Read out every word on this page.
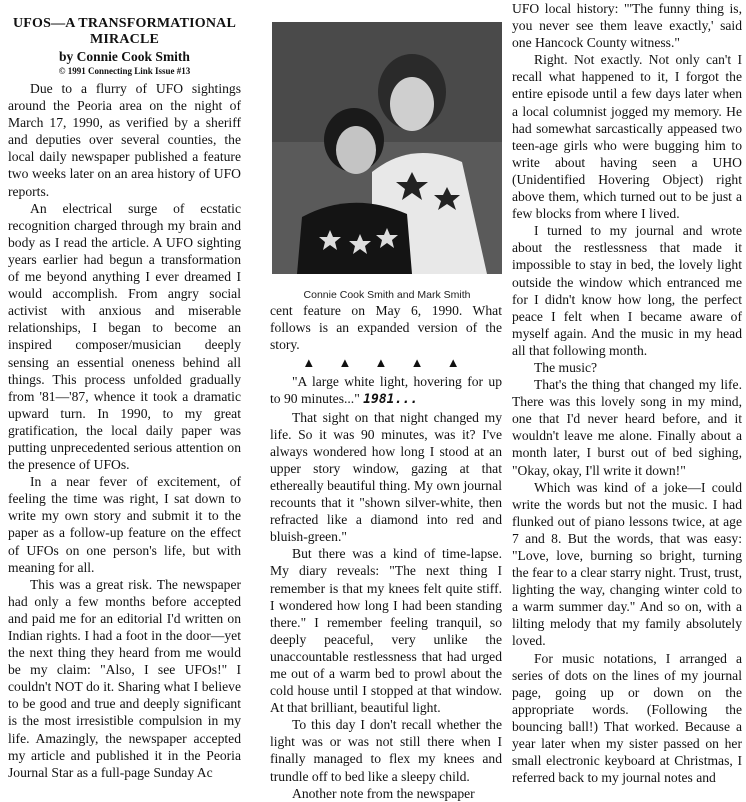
UFOS—A TRANSFORMATIONAL MIRACLE
by Connie Cook Smith
© 1991 Connecting Link Issue #13

Due to a flurry of UFO sightings around the Peoria area on the night of March 17, 1990, as verified by a sheriff and deputies over several counties, the local daily newspaper published a feature two weeks later on an area history of UFO reports.

An electrical surge of ecstatic recognition charged through my brain and body as I read the article. A UFO sighting years earlier had begun a transformation of me beyond anything I ever dreamed I would accomplish. From angry social activist with anxious and miserable relationships, I began to become an inspired composer/musician deeply sensing an essential oneness behind all things. This process unfolded gradually from '81—'87, whence it took a dramatic upward turn. In 1990, to my great gratification, the local daily paper was putting unprecedented serious attention on the presence of UFOs.

In a near fever of excitement, of feeling the time was right, I sat down to write my own story and submit it to the paper as a follow-up feature on the effect of UFOs on one person's life, but with meaning for all.

This was a great risk. The newspaper had only a few months before accepted and paid me for an editorial I'd written on Indian rights. I had a foot in the door—yet the next thing they heard from me would be my claim: "Also, I see UFOs!" I couldn't NOT do it. Sharing what I believe to be good and true and deeply significant is the most irresistible compulsion in my life. Amazingly, the newspaper accepted my article and published it in the Peoria Journal Star as a full-page Sunday Ac

Connie Cook Smith and Mark Smith
cent feature on May 6, 1990. What follows is an expanded version of the story.
▲ ▲ ▲ ▲ ▲

"A large white light, hovering for up to 90 minutes..." 1981...

That sight on that night changed my life. So it was 90 minutes, was it? I've always wondered how long I stood at an upper story window, gazing at that ethereally beautiful thing. My own journal recounts that it "shown silver-white, then refracted like a diamond into red and bluish-green."

But there was a kind of time-lapse. My diary reveals: "The next thing I remember is that my knees felt quite stiff. I wondered how long I had been standing there." I remember feeling tranquil, so deeply peaceful, very unlike the unaccountable restlessness that had urged me out of a warm bed to prowl about the cold house until I stopped at that window. At that brilliant, beautiful light.

To this day I don't recall whether the light was or was not still there when I finally managed to flex my knees and trundle off to bed like a sleepy child.

Another note from the newspaper

UFO local history: "'The funny thing is, you never see them leave exactly,' said one Hancock County witness."

Right. Not exactly. Not only can't I recall what happened to it, I forgot the entire episode until a few days later when a local columnist jogged my memory. He had somewhat sarcastically appeased two teen-age girls who were bugging him to write about having seen a UHO (Unidentified Hovering Object) right above them, which turned out to be just a few blocks from where I lived.

I turned to my journal and wrote about the restlessness that made it impossible to stay in bed, the lovely light outside the window which entranced me for I didn't know how long, the perfect peace I felt when I became aware of myself again. And the music in my head all that following month.

The music?

That's the thing that changed my life. There was this lovely song in my mind, one that I'd never heard before, and it wouldn't leave me alone. Finally about a month later, I burst out of bed sighing, "Okay, okay, I'll write it down!"

Which was kind of a joke—I could write the words but not the music. I had flunked out of piano lessons twice, at age 7 and 8. But the words, that was easy: "Love, love, burning so bright, turning the fear to a clear starry night. Trust, trust, lighting the way, changing winter cold to a warm summer day." And so on, with a lilting melody that my family absolutely loved.

For music notations, I arranged a series of dots on the lines of my journal page, going up or down on the appropriate words. (Following the bouncing ball!) That worked. Because a year later when my sister passed on her small electronic keyboard at Christmas, I referred back to my journal notes and
